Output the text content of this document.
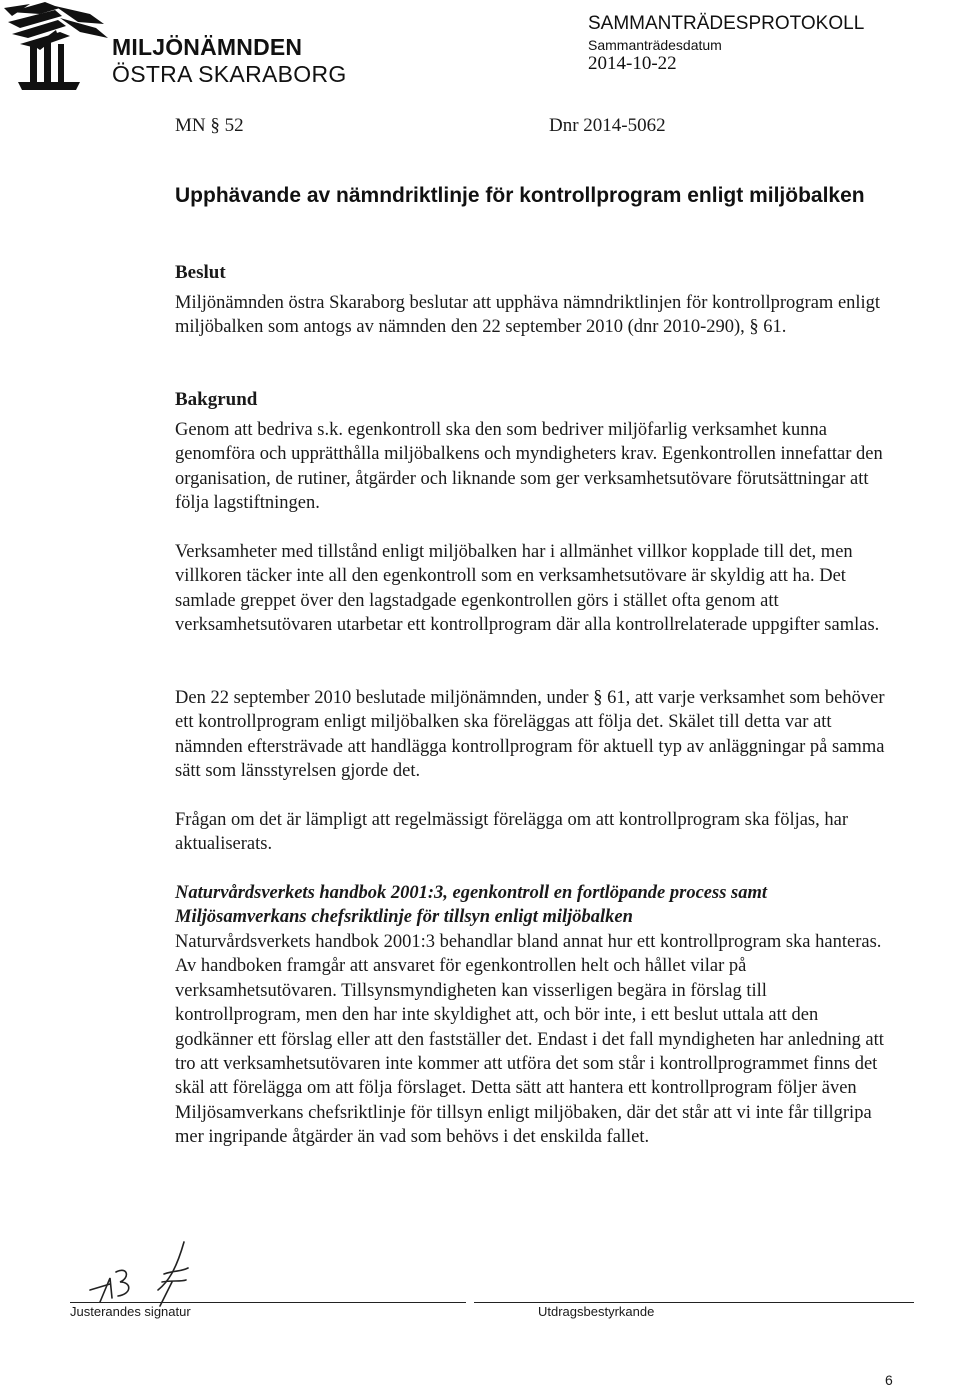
MILJÖNÄMNDEN
ÖSTRA SKARABORG
SAMMANTRÄDESPROTOKOLL
Sammanträdesdatum
2014-10-22
MN § 52	Dnr 2014-5062
Upphävande av nämndriktlinje för kontrollprogram enligt miljöbalken
Beslut

Miljönämnden östra Skaraborg beslutar att upphäva nämndriktlinjen för kontrollprogram enligt miljöbalken som antogs av nämnden den 22 september 2010 (dnr 2010-290), § 61.

Bakgrund

Genom att bedriva s.k. egenkontroll ska den som bedriver miljöfarlig verksamhet kunna genomföra och upprätthålla miljöbalkens och myndigheters krav. Egenkontrollen innefattar den organisation, de rutiner, åtgärder och liknande som ger verksamhetsutövare förutsättningar att följa lagstiftningen.

Verksamheter med tillstånd enligt miljöbalken har i allmänhet villkor kopplade till det, men villkoren täcker inte all den egenkontroll som en verksamhetsutövare är skyldig att ha. Det samlade greppet över den lagstadgade egenkontrollen görs i stället ofta genom att verksamhetsutövaren utarbetar ett kontrollprogram där alla kontrollrelaterade uppgifter samlas.

Den 22 september 2010 beslutade miljönämnden, under § 61, att varje verksamhet som behöver ett kontrollprogram enligt miljöbalken ska föreläggas att följa det. Skälet till detta var att nämnden eftersträvade att handlägga kontrollprogram för aktuell typ av anläggningar på samma sätt som länsstyrelsen gjorde det.

Frågan om det är lämpligt att regelmässigt förelägga om att kontrollprogram ska följas, har aktualiserats.

Naturvårdsverkets handbok 2001:3, egenkontroll en fortlöpande process samt Miljösamverkans chefsriktlinje för tillsyn enligt miljöbalken

Naturvårdsverkets handbok 2001:3 behandlar bland annat hur ett kontrollprogram ska hanteras. Av handboken framgår att ansvaret för egenkontrollen helt och hållet vilar på verksamhetsutövaren. Tillsynsmyndigheten kan visserligen begära in förslag till kontrollprogram, men den har inte skyldighet att, och bör inte, i ett beslut uttala att den godkänner ett förslag eller att den fastställer det. Endast i det fall myndigheten har anledning att tro att verksamhetsutövaren inte kommer att utföra det som står i kontrollprogrammet finns det skäl att förelägga om att följa förslaget. Detta sätt att hantera ett kontrollprogram följer även Miljösamverkans chefsriktlinje för tillsyn enligt miljöbaken, där det står att vi inte får tillgripa mer ingripande åtgärder än vad som behövs i det enskilda fallet.

Justerandes signatur	Utdragsbestyrkande
6
